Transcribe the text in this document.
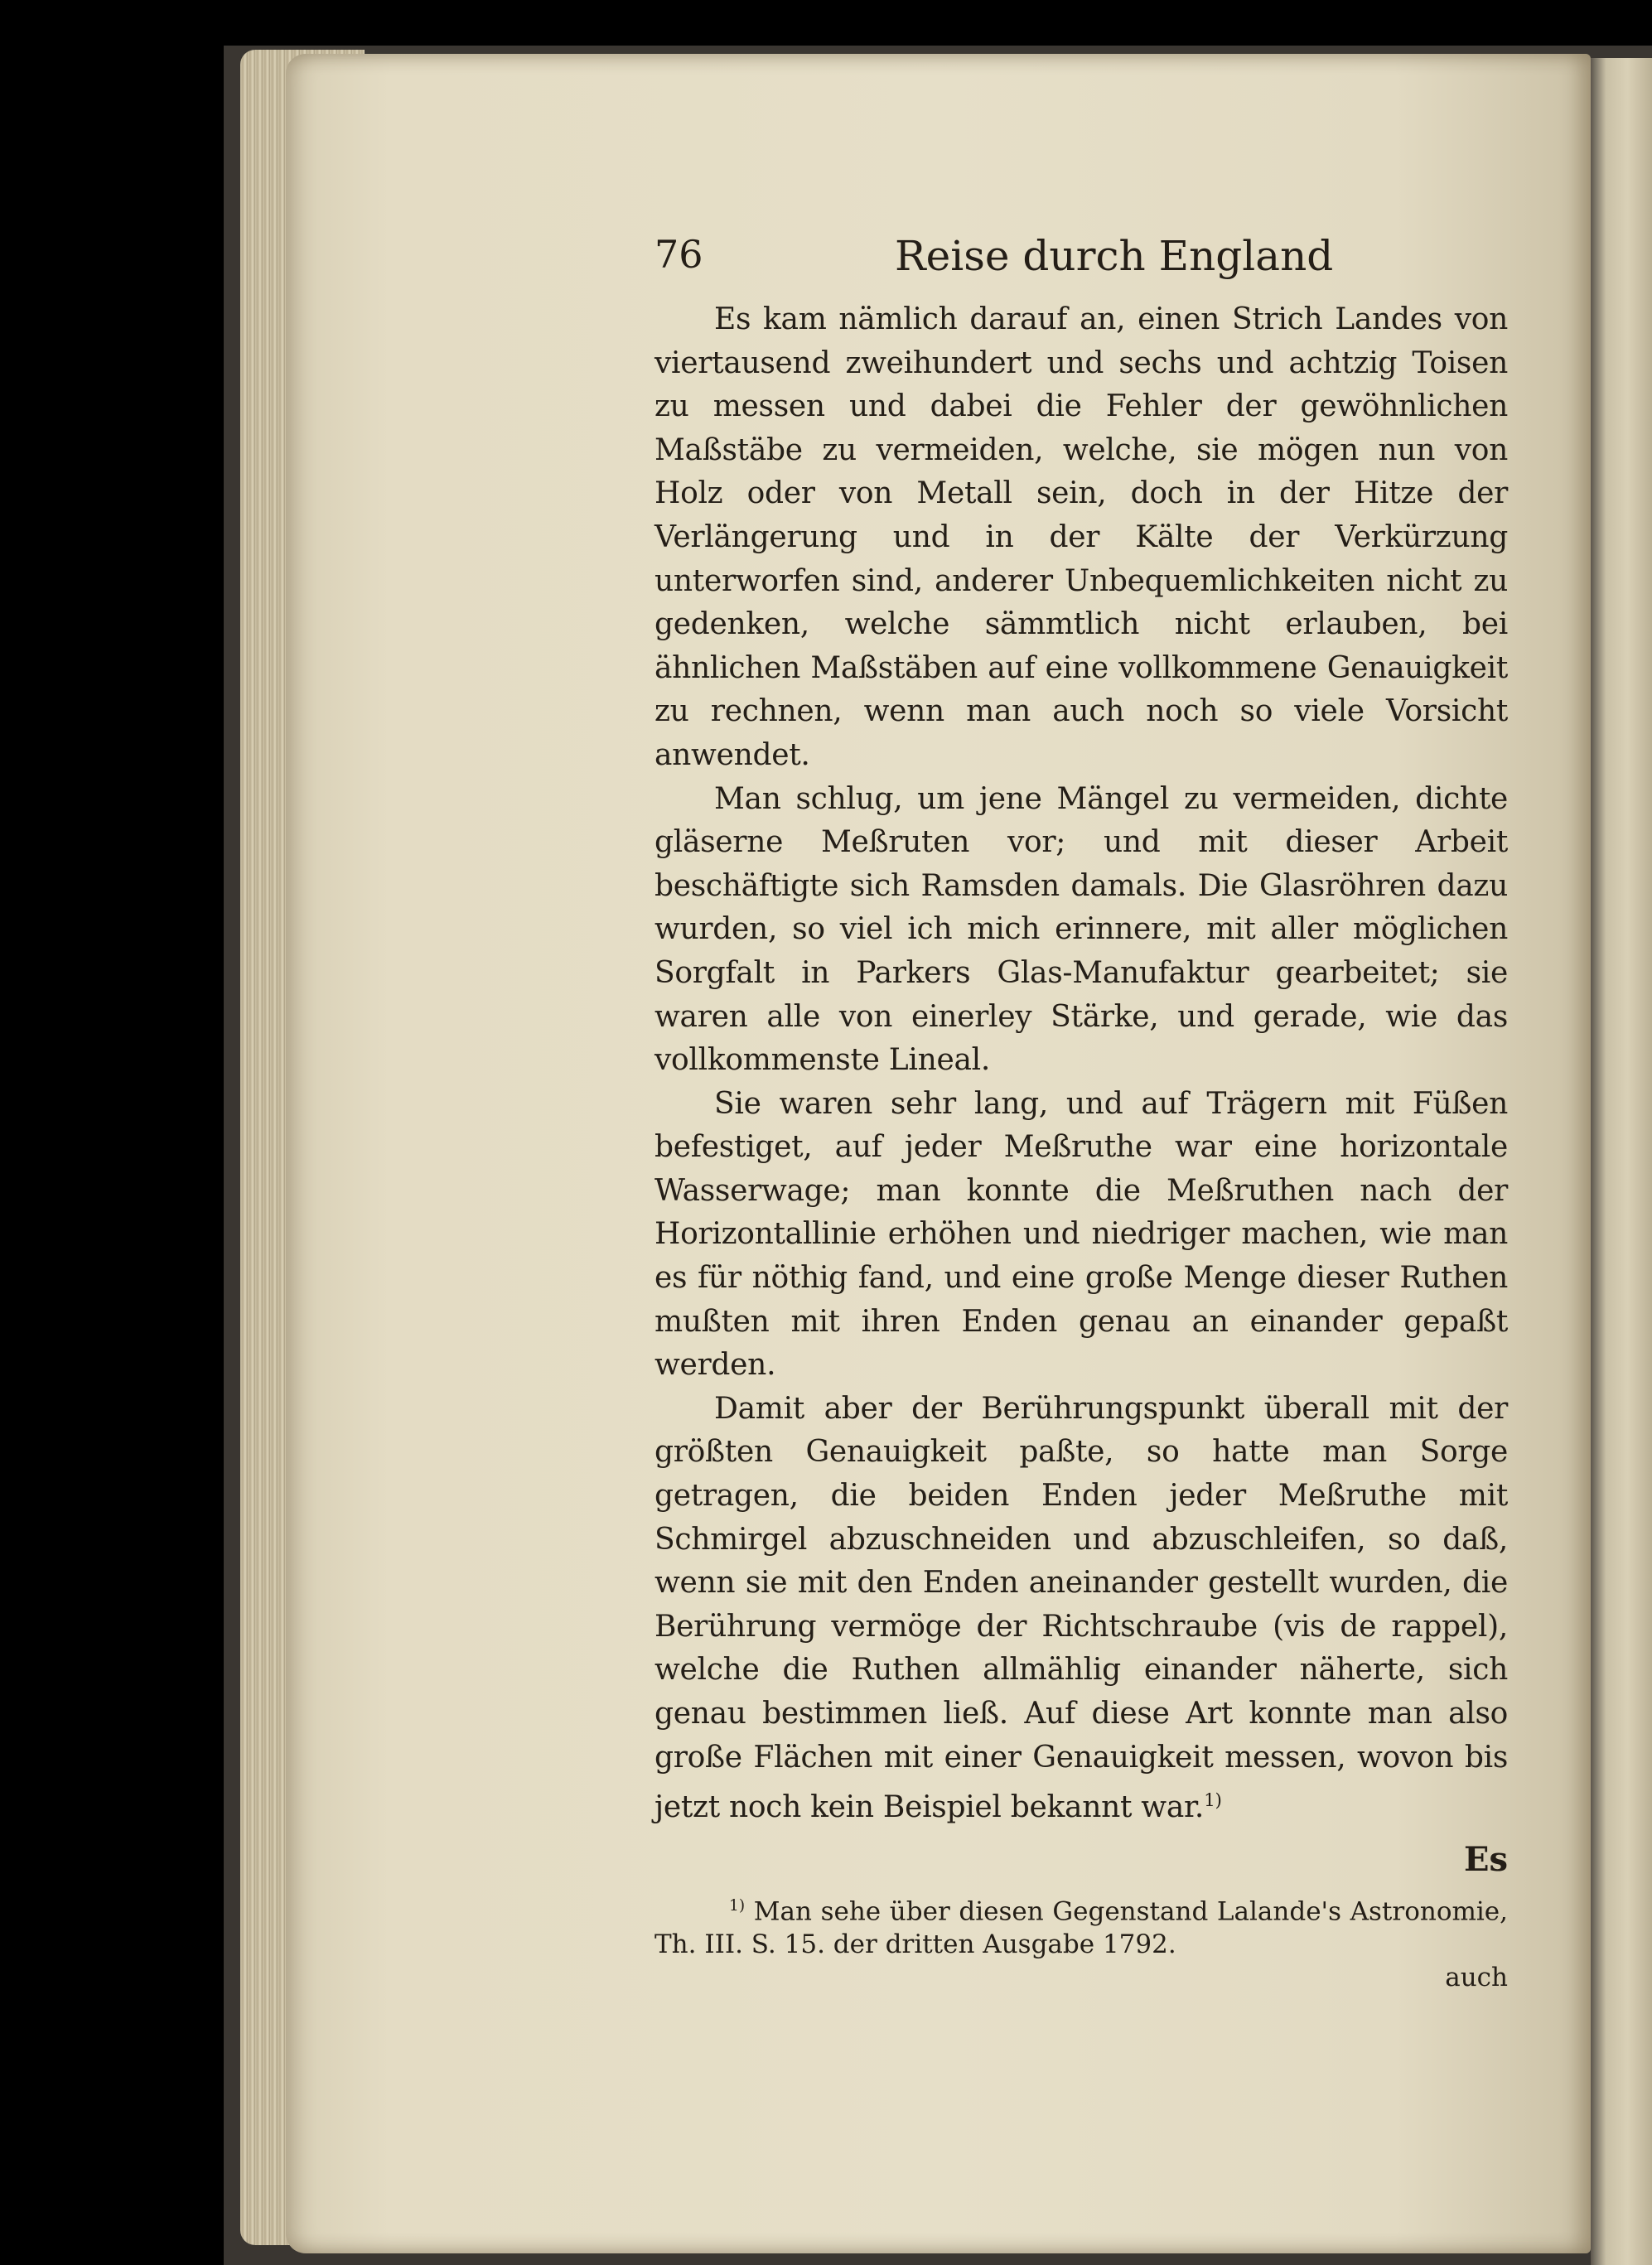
76	Reise durch England

Es kam nämlich darauf an, einen Strich Landes von viertausend zweihundert und sechs und achtzig Toisen zu messen und dabei die Fehler der gewöhnlichen Maßstäbe zu vermeiden, welche, sie mögen nun von Holz oder von Metall sein, doch in der Hitze der Verlängerung und in der Kälte der Verkürzung unterworfen sind, anderer Unbequemlichkeiten nicht zu gedenken, welche sämmtlich nicht erlauben, bei ähnlichen Maßstäben auf eine vollkommene Genauigkeit zu rechnen, wenn man auch noch so viele Vorsicht anwendet.

Man schlug, um jene Mängel zu vermeiden, dichte gläserne Meßruten vor; und mit dieser Arbeit beschäftigte sich Ramsden damals. Die Glasröhren dazu wurden, so viel ich mich erinnere, mit aller möglichen Sorgfalt in Parkers Glas-Manufaktur gearbeitet; sie waren alle von einerley Stärke, und gerade, wie das vollkommenste Lineal.

Sie waren sehr lang, und auf Trägern mit Füßen befestiget, auf jeder Meßruthe war eine horizontale Wasserwage; man konnte die Meßruthen nach der Horizontallinie erhöhen und niedriger machen, wie man es für nöthig fand, und eine große Menge dieser Ruthen mußten mit ihren Enden genau an einander gepaßt werden.

Damit aber der Berührungspunkt überall mit der größten Genauigkeit paßte, so hatte man Sorge getragen, die beiden Enden jeder Meßruthe mit Schmirgel abzuschneiden und abzuschleifen, so daß, wenn sie mit den Enden aneinander gestellt wurden, die Berührung vermöge der Richtschraube (vis de rappel), welche die Ruthen allmählig einander näherte, sich genau bestimmen ließ. Auf diese Art konnte man also große Flächen mit einer Genauigkeit messen, wovon bis jetzt noch kein Beispiel bekannt war.$^{1)}$

Es
$^{1)}$ Man sehe über diesen Gegenstand Lalande's Astronomie, Th. III. S. 15. der dritten Ausgabe 1792.
auch
